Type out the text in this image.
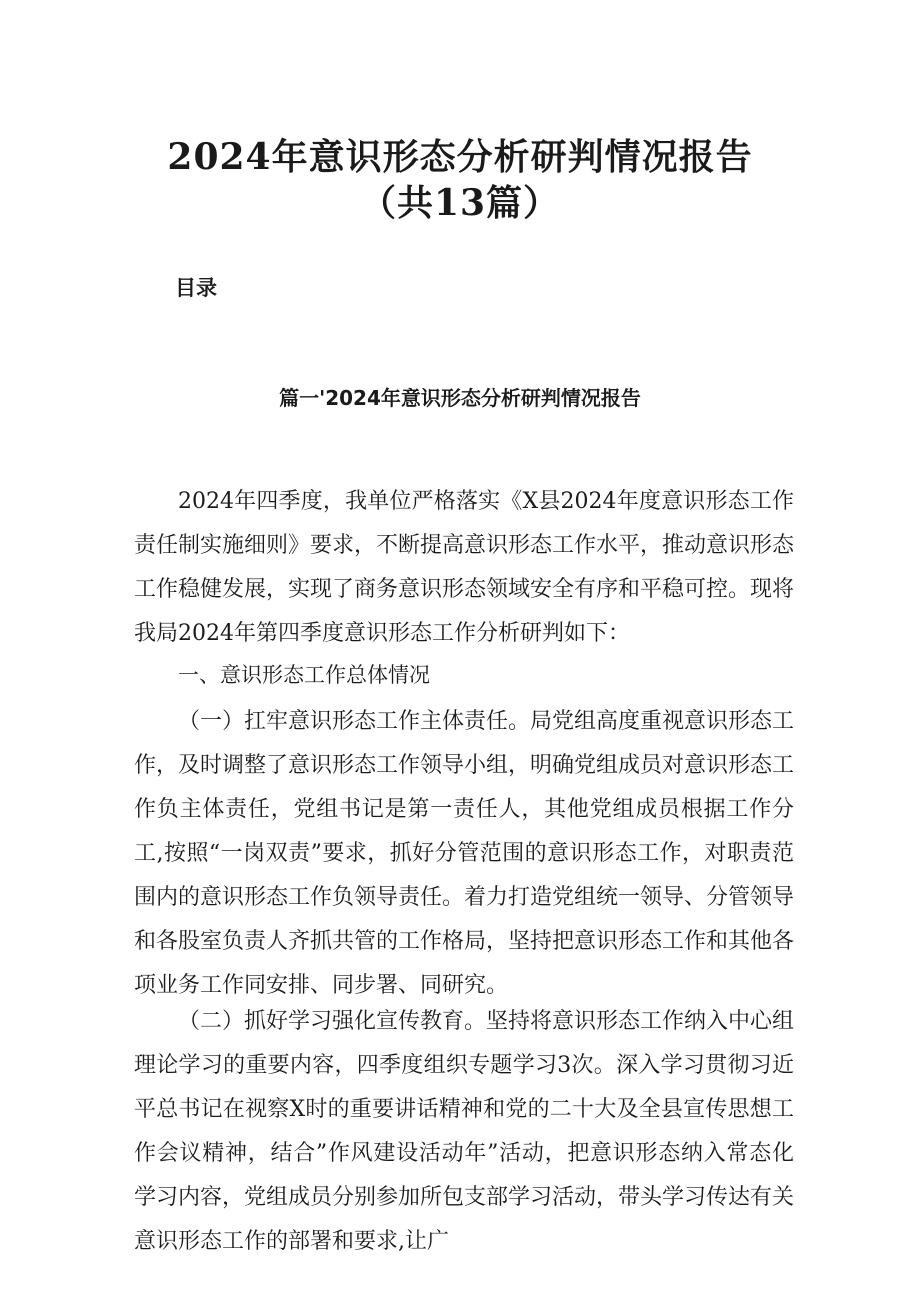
2024年意识形态分析研判情况报告（共13篇）
目录
篇一'2024年意识形态分析研判情况报告
2024年四季度，我单位严格落实《X县2024年度意识形态工作责任制实施细则》要求，不断提高意识形态工作水平，推动意识形态工作稳健发展，实现了商务意识形态领域安全有序和平稳可控。现将我局2024年第四季度意识形态工作分析研判如下：
一、意识形态工作总体情况
（一）扛牢意识形态工作主体责任。局党组高度重视意识形态工作，及时调整了意识形态工作领导小组，明确党组成员对意识形态工作负主体责任，党组书记是第一责任人，其他党组成员根据工作分工,按照“一岗双责”要求，抓好分管范围的意识形态工作，对职责范围内的意识形态工作负领导责任。着力打造党组统一领导、分管领导和各股室负责人齐抓共管的工作格局，坚持把意识形态工作和其他各项业务工作同安排、同步署、同研究。
（二）抓好学习强化宣传教育。坚持将意识形态工作纳入中心组理论学习的重要内容，四季度组织专题学习3次。深入学习贯彻习近平总书记在视察X时的重要讲话精神和党的二十大及全县宣传思想工作会议精神，结合”作风建设活动年”活动，把意识形态纳入常态化学习内容，党组成员分别参加所包支部学习活动，带头学习传达有关意识形态工作的部署和要求,让广
